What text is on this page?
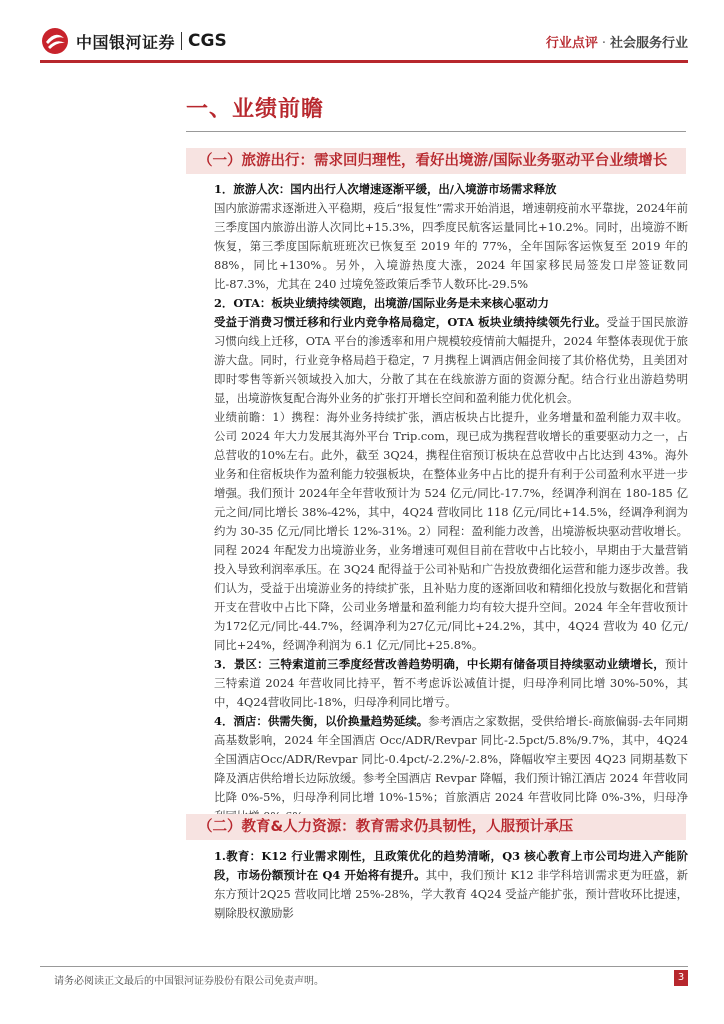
中国银河证券 CGS	行业点评 · 社会服务行业
一、业绩前瞻
（一）旅游出行：需求回归理性，看好出境游/国际业务驱动平台业绩增长

1．旅游人次：国内出行人次增速逐渐平缓，出/入境游市场需求释放

国内旅游需求逐渐进入平稳期，疫后“报复性”需求开始消退，增速朝疫前水平靠拢，2024年前三季度国内旅游出游人次同比+15.3%，四季度民航客运量同比+10.2%。同时，出境游不断恢复，第三季度国际航班班次已恢复至 2019 年的 77%，全年国际客运恢复至 2019 年的 88%，同比+130%。另外，入境游热度大涨，2024 年国家移民局签发口岸签证数同比-87.3%，尤其在 240 过境免签政策后季节人数环比-29.5%

2．OTA：板块业绩持续领跑，出境游/国际业务是未来核心驱动力

受益于消费习惯迁移和行业内竞争格局稳定，OTA 板块业绩持续领先行业。受益于国民旅游习惯向线上迁移，OTA 平台的渗透率和用户规模较疫情前大幅提升，2024 年整体表现优于旅游大盘。同时，行业竞争格局趋于稳定，7 月携程上调酒店佣金间接了其价格优势，且美团对即时零售等新兴领域投入加大，分散了其在在线旅游方面的资源分配。结合行业出游趋势明显，出境游恢复配合海外业务的扩张打开增长空间和盈利能力优化机会。

业绩前瞻：1）携程：海外业务持续扩张，酒店板块占比提升，业务增量和盈利能力双丰收。公司 2024 年大力发展其海外平台 Trip.com，现已成为携程营收增长的重要驱动力之一，占总营收的10%左右。此外，截至 3Q24，携程住宿预订板块在总营收中占比达到 43%。海外业务和住宿板块作为盈利能力较强板块，在整体业务中占比的提升有利于公司盈利水平进一步增强。我们预计 2024年全年营收预计为 524 亿元/同比-17.7%，经调净利润在 180-185 亿元之间/同比增长 38%-42%，其中，4Q24 营收同比 118 亿元/同比+14.5%，经调净利润为约为 30-35 亿元/同比增长 12%-31%。2）同程：盈利能力改善，出境游板块驱动营收增长。同程 2024 年配发力出境游业务，业务增速可观但目前在营收中占比较小，早期由于大量营销投入导致利润率承压。在 3Q24 配得益于公司补贴和广告投放费细化运营和能力逐步改善。我们认为，受益于出境游业务的持续扩张，且补贴力度的逐渐回收和精细化投放与数据化和营销开支在营收中占比下降，公司业务增量和盈利能力均有较大提升空间。2024 年全年营收预计为172亿元/同比-44.7%，经调净利为27亿元/同比+24.2%，其中，4Q24 营收为 40 亿元/同比+24%，经调净利润为 6.1 亿元/同比+25.8%。

3．景区：三特索道前三季度经营改善趋势明确，中长期有储备项目持续驱动业绩增长，预计三特索道 2024 年营收同比持平，暂不考虑诉讼减值计提，归母净利同比增 30%-50%，其中，4Q24营收同比-18%，归母净利同比增亏。

4．酒店：供需失衡，以价换量趋势延续。参考酒店之家数据，受供给增长-商旅偏弱-去年同期高基数影响，2024 年全国酒店 Occ/ADR/Revpar 同比-2.5pct/5.8%/9.7%，其中，4Q24 全国酒店Occ/ADR/Revpar 同比-0.4pct/-2.2%/-2.8%，降幅收窄主要因 4Q23 同期基数下降及酒店供给增长边际放缓。参考全国酒店 Revpar 降幅，我们预计锦江酒店 2024 年营收同比降 0%-5%，归母净利同比增 10%-15%；首旅酒店 2024 年营收同比降 0%-3%，归母净

（二）教育&人力资源：教育需求仍具韧性，人服预计承压

1.教育：K12 行业需求刚性，且政策优化的趋势清晰，Q3 核心教育上市公司均进入产能阶段，市场份额预计在 Q4 开始将有提升。其中，我们预计 K12 非学科培训需求更为旺盛，新东方预计2Q25 营收同比增 25%-28%，学大教育 4Q24 受益产能扩张，预计营收环比提速，剔除股权激励影

请务必阅读正文最后的中国银河证券股份有限公司免责声明。	3
